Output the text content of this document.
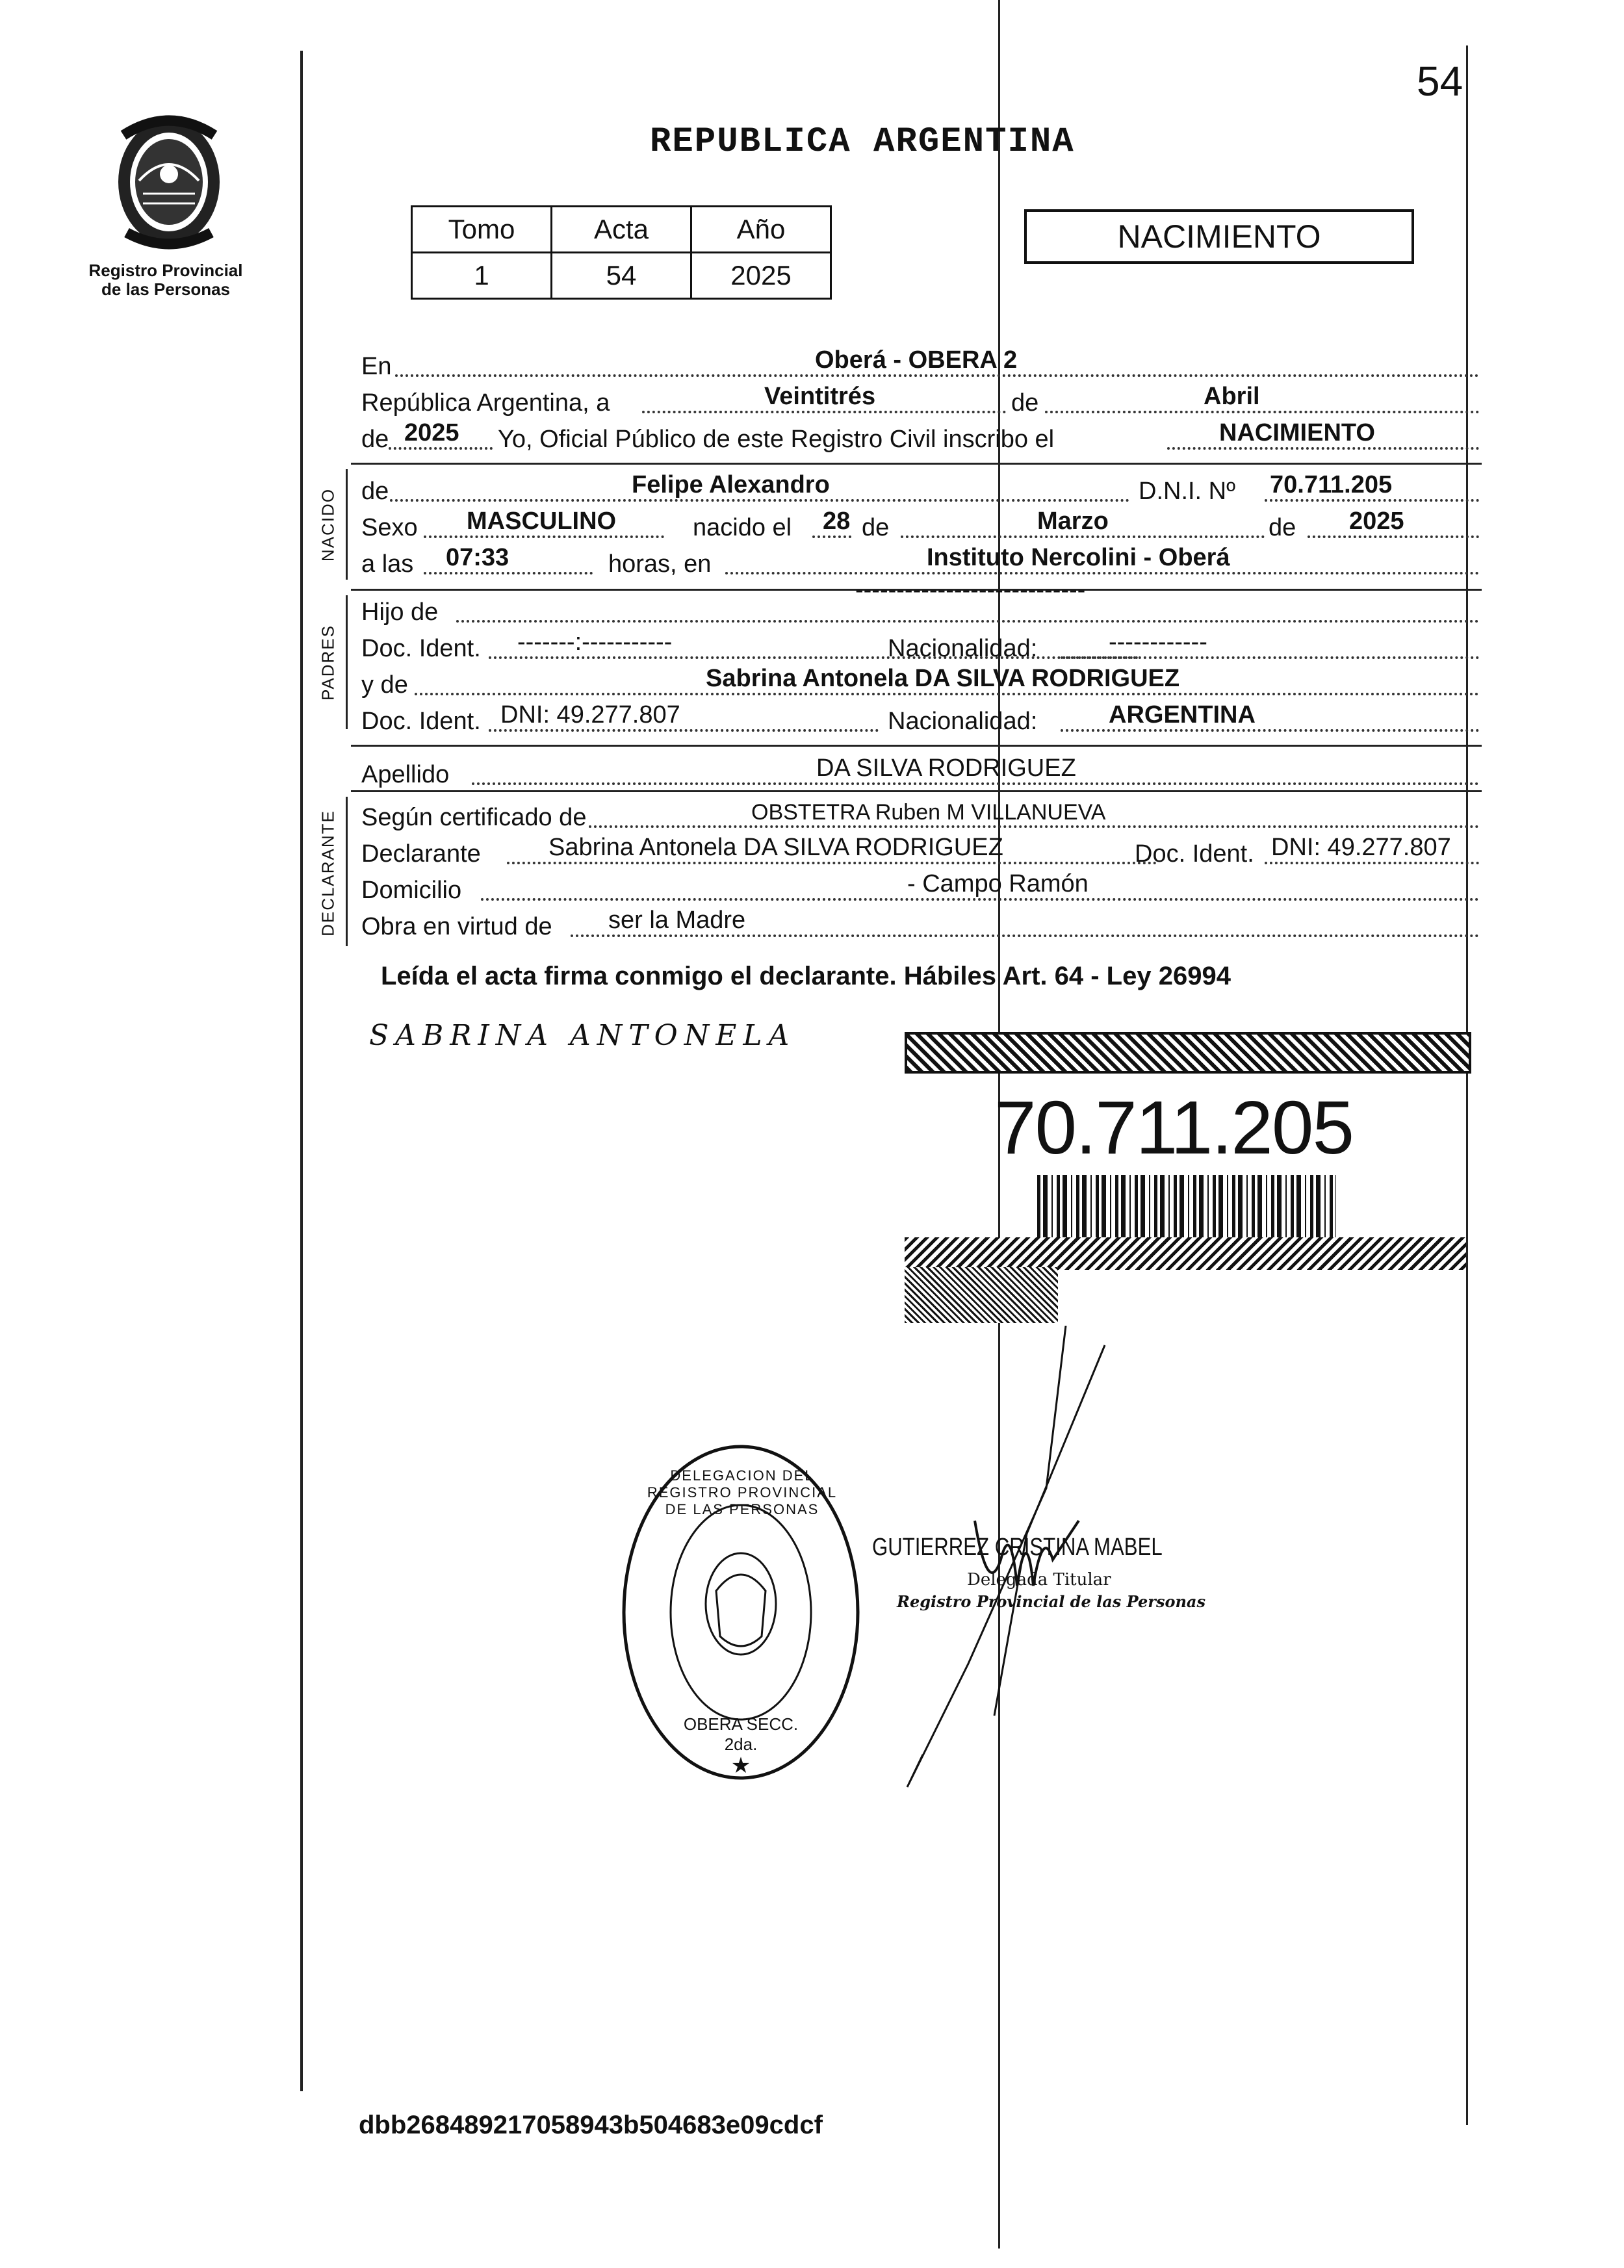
54
Registro Provincial
de las Personas
REPUBLICA ARGENTINA
Tomo	Acta	Año
1	54	2025
NACIMIENTO
En	Oberá - OBERA 2
República Argentina, a	Veintitrés	de	Abril
de 2025 Yo, Oficial Público de este Registro Civil inscribo el	NACIMIENTO
NACIDO de	Felipe Alexandro	D.N.I. Nº 70.711.205
Sexo MASCULINO	nacido el 28 de	Marzo	de 2025
a las 07:33	horas, en	Instituto Nercolini - Oberá
PADRES
Hijo de
----------------------------
Doc. Ident. -------:-----------	Nacionalidad:	------------
y de	Sabrina Antonela DA SILVA RODRIGUEZ
Doc. Ident. DNI: 49.277.807	Nacionalidad:	ARGENTINA
Apellido	DA SILVA RODRIGUEZ
DECLARANTE Según certificado de	OBSTETRA Ruben M VILLANUEVA
Declarante	Sabrina Antonela DA SILVA RODRIGUEZ	Doc. Ident. DNI: 49.277.807
Domicilio	- Campo Ramón
Obra en virtud de ser la Madre
Leída el acta firma conmigo el declarante. Hábiles Art. 64 - Ley 26994
SABRINA ANTONELA
70.711.205
★
DELEGACION DEL REGISTRO PROVINCIAL DE LAS PERSONAS
OBERA SECC. 2da.
GUTIERREZ CRISTINA MABEL
Delegada Titular
Registro Provincial de las Personas
dbb268489217058943b504683e09cdcf
